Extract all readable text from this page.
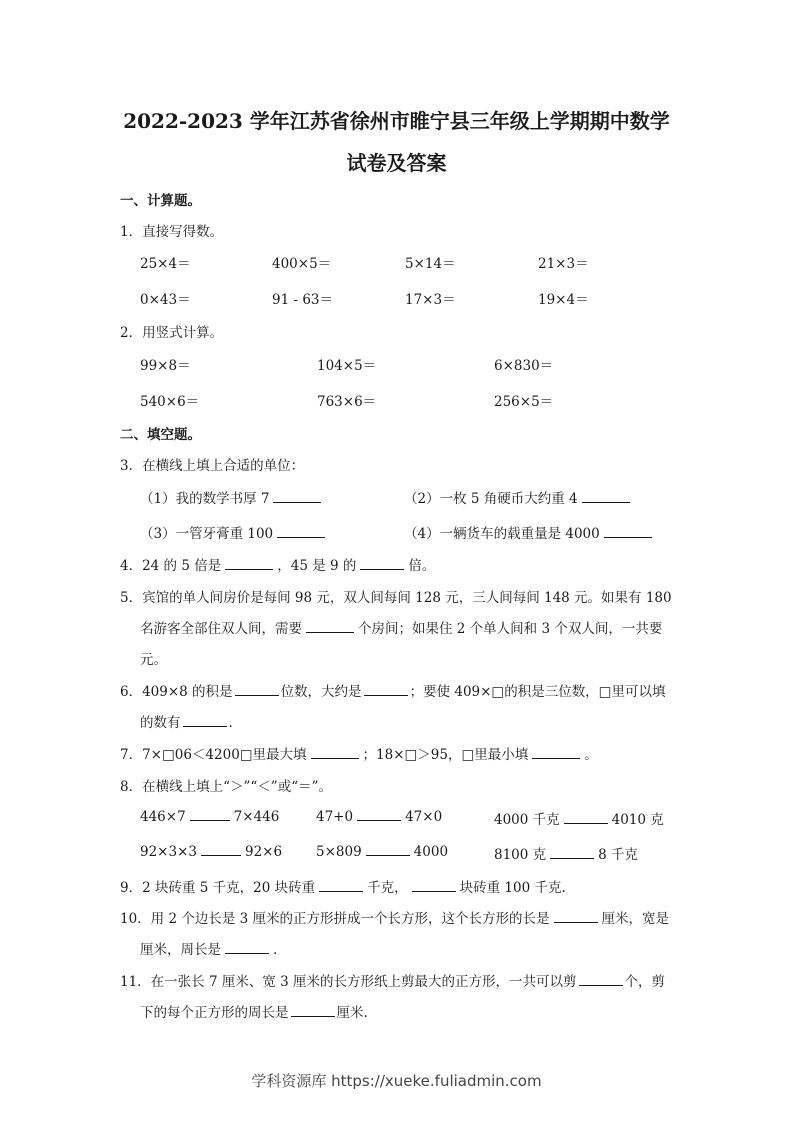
2022-2023 学年江苏省徐州市睢宁县三年级上学期期中数学
试卷及答案
一、计算题。
1．直接写得数。
25×4＝	400×5＝	5×14＝	21×3＝
0×43＝	91 - 63＝	17×3＝	19×4＝
2．用竖式计算。
99×8＝	104×5＝	6×830＝
540×6＝	763×6＝	256×5＝
二、填空题。
3．在横线上填上合适的单位：
（1）我的数学书厚 7	（2）一枚 5 角硬币大约重 4
（3）一管牙膏重 100	（4）一辆货车的载重量是 4000
4．24 的 5 倍是	，45 是 9 的	倍。
5．宾馆的单人间房价是每间 98 元，双人间每间 128 元，三人间每间 148 元。如果有 180
名游客全部住双人间，需要	个房间；如果住 2 个单人间和 3 个双人间，一共要
元。
6．409×8 的积是	位数，大约是	；要使 409×□的积是三位数，□里可以填
的数有	.
7．7×□06＜4200□里最大填	；18×□＞95，□里最小填	。
8．在横线上填上“＞”“＜”或“＝”。
446×7	7×446	47+0	47×0	4000 千克	4010 克
92×3×3	92×6	5×809	4000	8100 克	8 千克
9．2 块砖重 5 千克，20 块砖重	千克，	块砖重 100 千克.
10．用 2 个边长是 3 厘米的正方形拼成一个长方形，这个长方形的长是	厘米，宽是
厘米，周长是	.
11．在一张长 7 厘米、宽 3 厘米的长方形纸上剪最大的正方形，一共可以剪	个，剪
下的每个正方形的周长是	厘米.
学科资源库 https://xueke.fuliadmin.com
